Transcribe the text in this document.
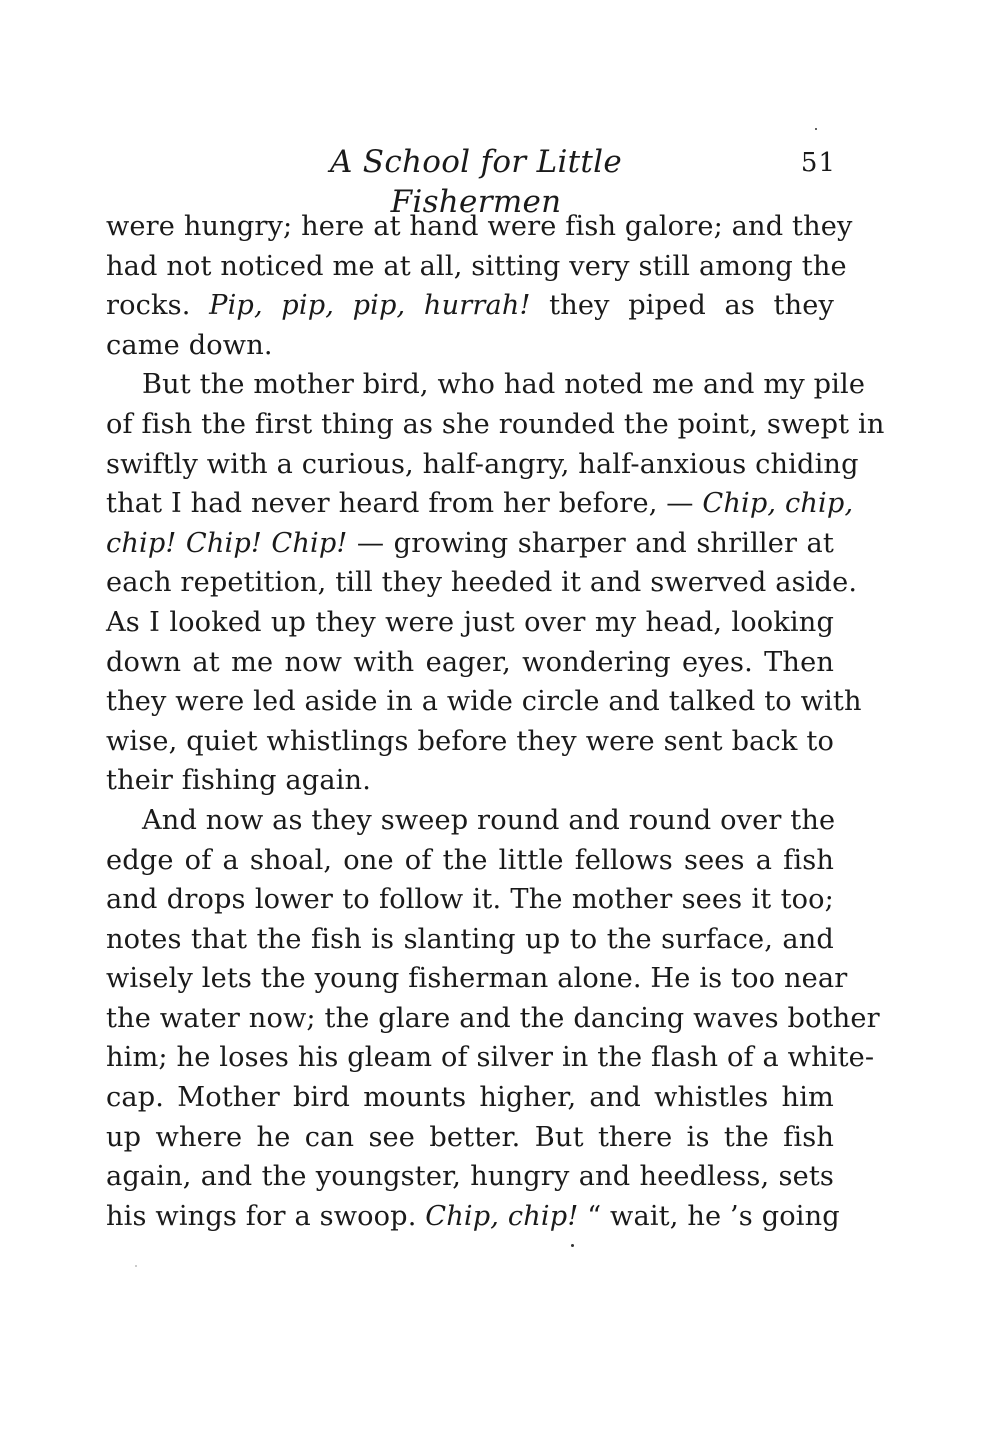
A School for Little Fishermen
51
were hungry; here at hand were fish galore; and they
had not noticed me at all, sitting very still among the
rocks. Pip, pip, pip, hurrah! they piped as they
came down.
But the mother bird, who had noted me and my pile
of fish the first thing as she rounded the point, swept in
swiftly with a curious, half-angry, half-anxious chiding
that I had never heard from her before, — Chip, chip,
chip! Chip! Chip! — growing sharper and shriller at
each repetition, till they heeded it and swerved aside.
As I looked up they were just over my head, looking
down at me now with eager, wondering eyes. Then
they were led aside in a wide circle and talked to with
wise, quiet whistlings before they were sent back to
their fishing again.
And now as they sweep round and round over the
edge of a shoal, one of the little fellows sees a fish
and drops lower to follow it. The mother sees it too;
notes that the fish is slanting up to the surface, and
wisely lets the young fisherman alone. He is too near
the water now; the glare and the dancing waves bother
him; he loses his gleam of silver in the flash of a white-
cap. Mother bird mounts higher, and whistles him
up where he can see better. But there is the fish
again, and the youngster, hungry and heedless, sets
his wings for a swoop. Chip, chip! “ wait, he ’s going
